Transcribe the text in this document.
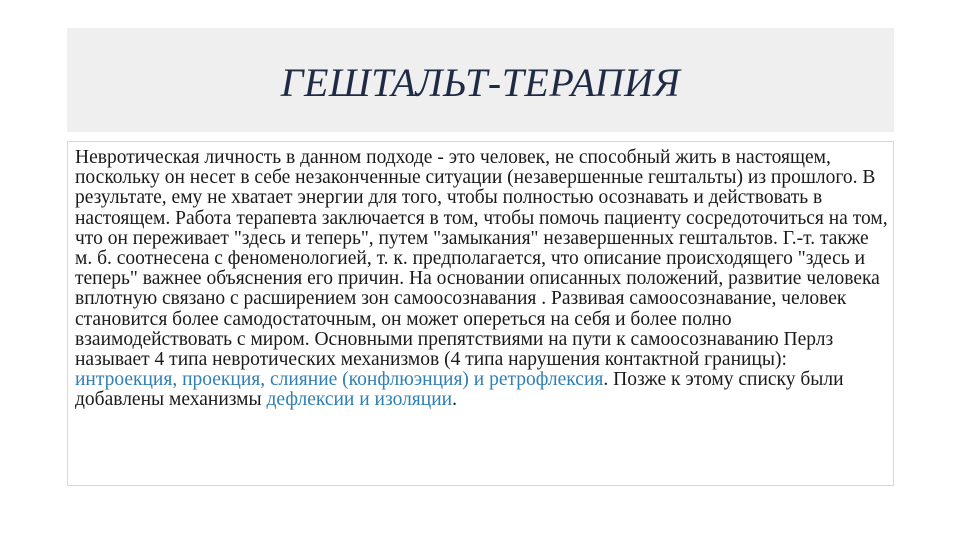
ГЕШТАЛЬТ-ТЕРАПИЯ
Невротическая личность в данном подходе - это человек, не способный жить в настоящем, поскольку он несет в себе незаконченные ситуации (незавершенные гештальты) из прошлого. В результате, ему не хватает энергии для того, чтобы полностью осознавать и действовать в настоящем. Работа терапевта заключается в том, чтобы помочь пациенту сосредоточиться на том, что он переживает "здесь и теперь", путем "замыкания" незавершенных гештальтов. Г.-т. также м. б. соотнесена с феноменологией, т. к. предполагается, что описание происходящего "здесь и теперь" важнее объяснения его причин. На основании описанных положений, развитие человека вплотную связано с расширением зон самоосознавания . Развивая самоосознавание, человек становится более самодостаточным, он может опереться на себя и более полно взаимодействовать с миром. Основными препятствиями на пути к самоосознаванию Перлз называет 4 типа невротических механизмов (4 типа нарушения контактной границы): интроекция, проекция, слияние (конфлюэнция) и ретрофлексия. Позже к этому списку были добавлены механизмы дефлексии и изоляции.
